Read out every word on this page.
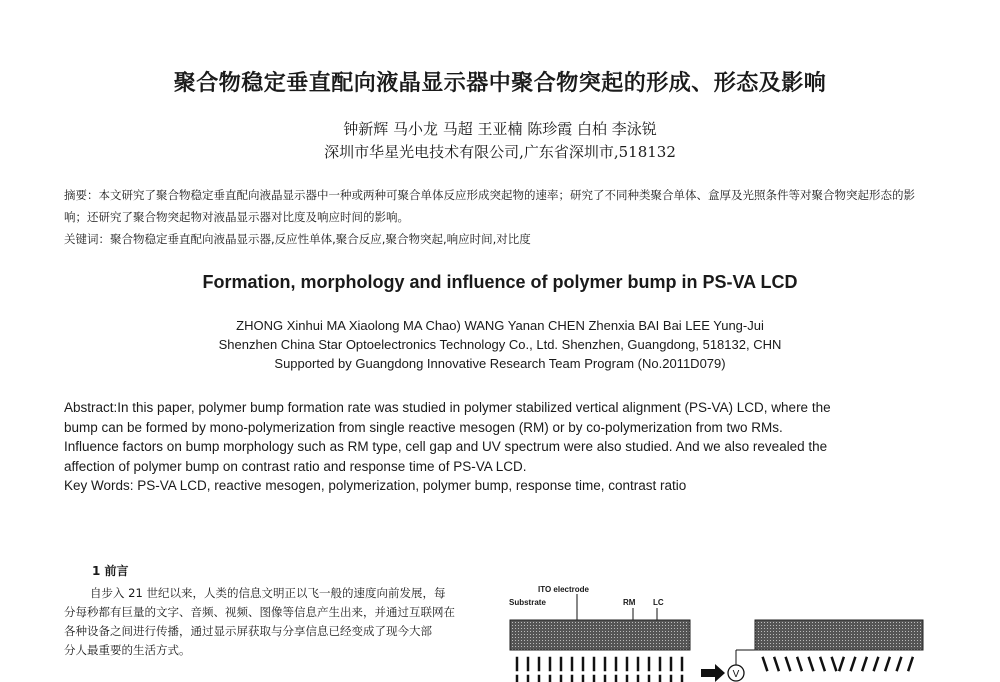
聚合物稳定垂直配向液晶显示器中聚合物突起的形成、形态及影响
钟新辉 马小龙 马超 王亚楠 陈珍霞 白柏 李泳锐
深圳市华星光电技术有限公司,广东省深圳市,518132

摘要：本文研究了聚合物稳定垂直配向液晶显示器中一种或两种可聚合单体反应形成突起物的速率；研究了不同种类聚合单体、盒厚及光照条件等对聚合物突起形态的影响；还研究了聚合物突起物对液晶显示器对比度及响应时间的影响。

关键词：聚合物稳定垂直配向液晶显示器,反应性单体,聚合反应,聚合物突起,响应时间,对比度

Formation, morphology and influence of polymer bump in PS-VA LCD
ZHONG Xinhui MA Xiaolong MA Chao) WANG Yanan CHEN Zhenxia BAI Bai LEE Yung-Jui
Shenzhen China Star Optoelectronics Technology Co., Ltd. Shenzhen, Guangdong, 518132, CHN
Supported by Guangdong Innovative Research Team Program (No.2011D079)

Abstract:In this paper, polymer bump formation rate was studied in polymer stabilized vertical alignment (PS-VA) LCD, where the

bump can be formed by mono-polymerization from single reactive mesogen (RM) or by co-polymerization from two RMs.

Influence factors on bump morphology such as RM type, cell gap and UV spectrum were also studied. And we also revealed the

affection of polymer bump on contrast ratio and response time of PS-VA LCD.

Key Words: PS-VA LCD, reactive mesogen, polymerization, polymer bump, response time, contrast ratio

1 前言

自步入 21 世纪以来，人类的信息文明正以飞一般的速度向前发展，每

分每秒都有巨量的文字、音频、视频、图像等信息产生出来，并通过互联网在

各种设备之间进行传播，通过显示屏获取与分享信息已经变成了现今大部

分人最重要的生活方式。

ITO electrode
Substrate	RM LC
V
